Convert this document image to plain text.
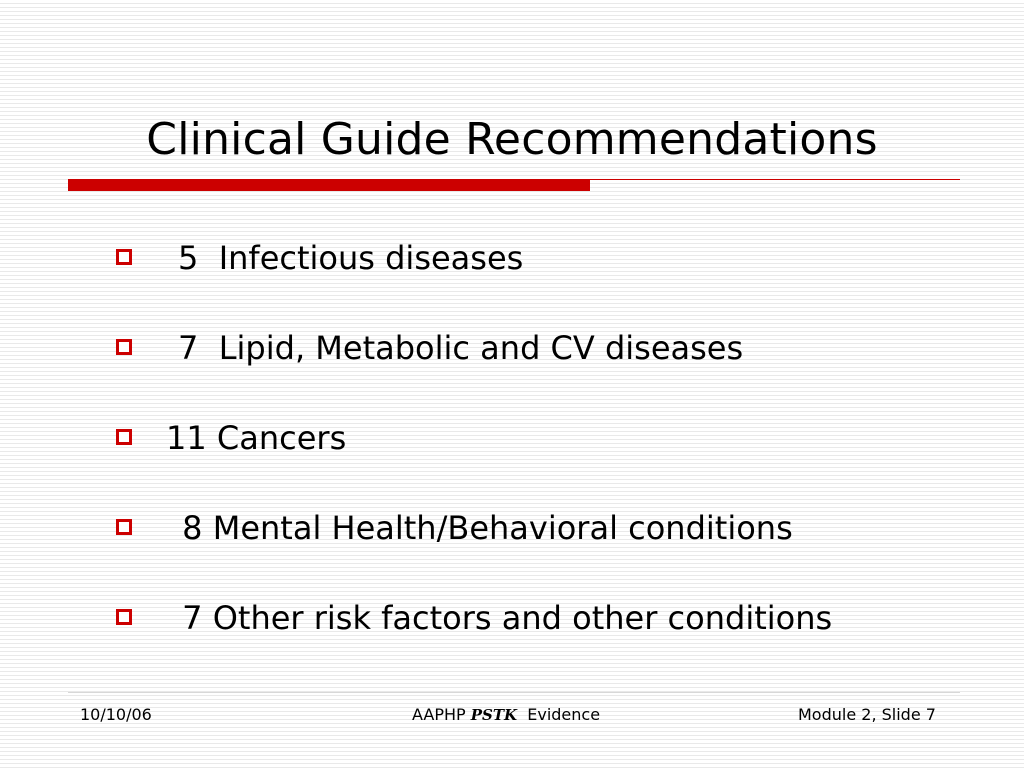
Clinical Guide Recommendations
5  Infectious diseases
7  Lipid, Metabolic and CV diseases
11 Cancers
8 Mental Health/Behavioral conditions
7 Other risk factors and other conditions
10/10/06	AAPHP PSTK  Evidence	Module 2, Slide 7
